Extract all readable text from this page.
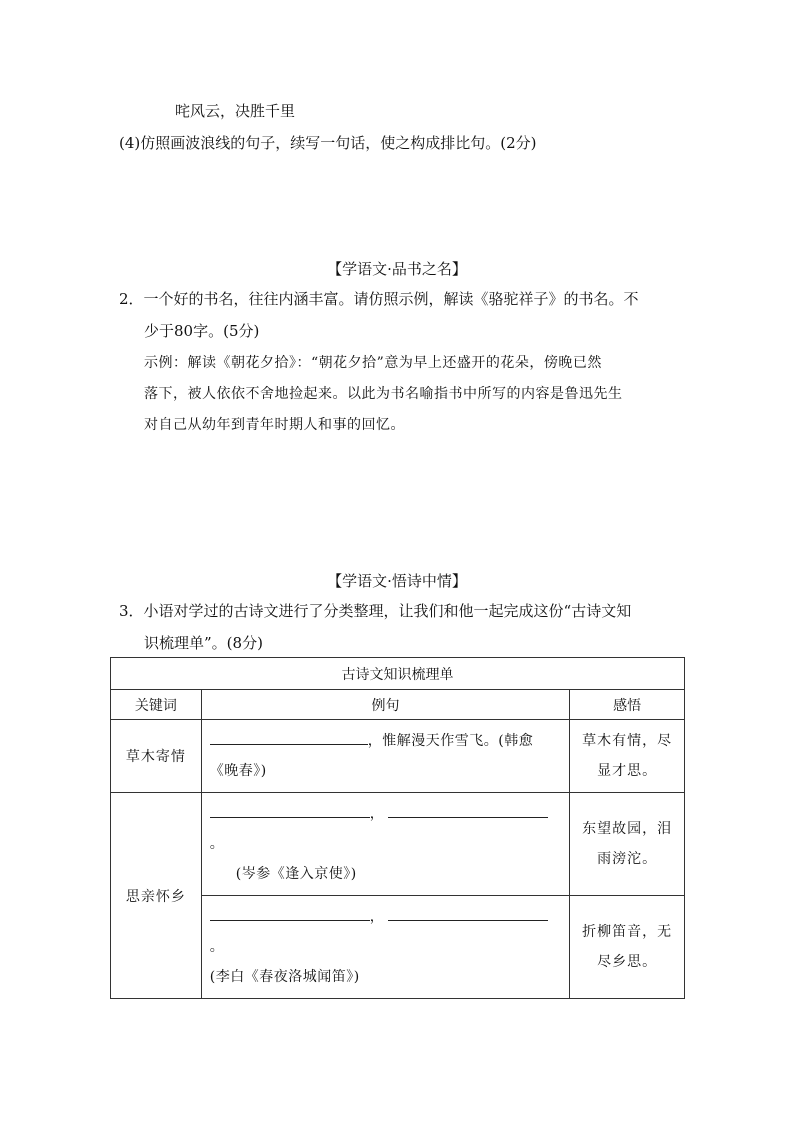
咤风云，决胜千里
(4)仿照画波浪线的句子，续写一句话，使之构成排比句。(2分)
【学语文·品书之名】
2．一个好的书名，往往内涵丰富。请仿照示例，解读《骆驼祥子》的书名。不
少于80字。(5分)
示例：解读《朝花夕拾》：“朝花夕拾”意为早上还盛开的花朵，傍晚已然
落下，被人依依不舍地捡起来。以此为书名喻指书中所写的内容是鲁迅先生
对自己从幼年到青年时期人和事的回忆。
【学语文·悟诗中情】
3．小语对学过的古诗文进行了分类整理，让我们和他一起完成这份“古诗文知
识梳理单”。(8分)
古诗文知识梳理单		
关键词	例句	感悟
草木寄情	，惟解漫天作雪飞。(韩愈
《晚春》)	草木有情，尽
显才思。
思亲怀乡	，。
(岑参《逢入京使》)	东望故园，泪
雨滂沱。

	，。
(李白《春夜洛城闻笛》)	折柳笛音，无
尽乡思。
